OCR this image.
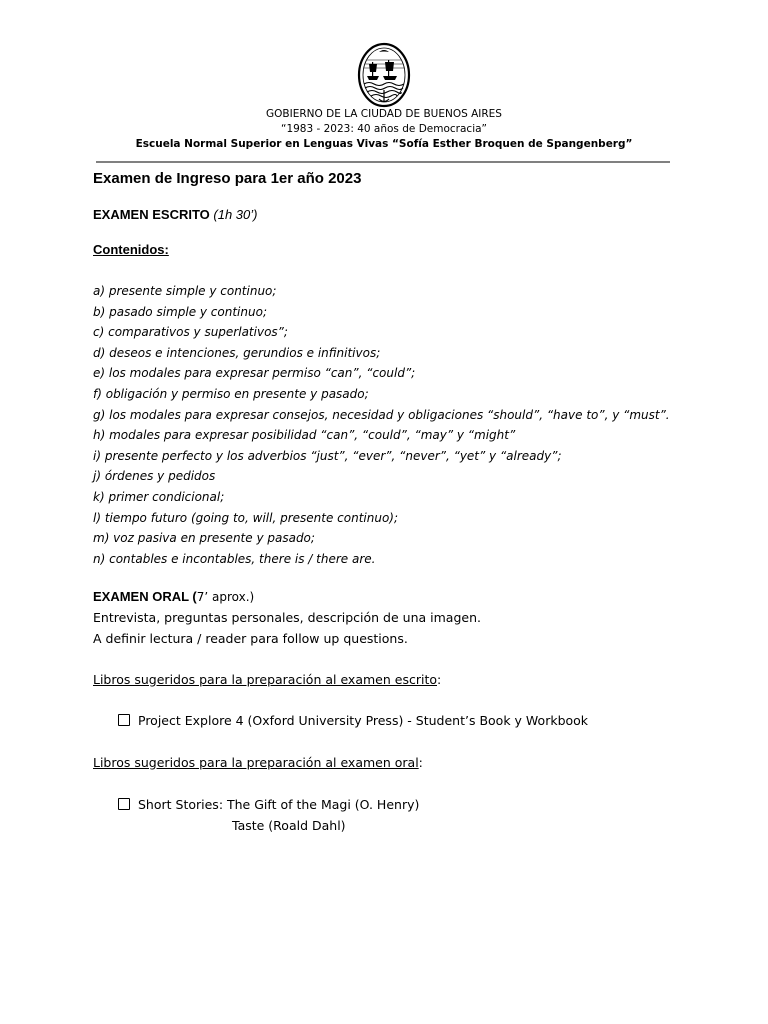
GOBIERNO DE LA CIUDAD DE BUENOS AIRES
“1983 - 2023: 40 años de Democracia”
Escuela Normal Superior en Lenguas Vivas “Sofía Esther Broquen de Spangenberg”
Examen de Ingreso para 1er año 2023
EXAMEN ESCRITO (1h 30’)
Contenidos:
a) presente simple y continuo;
b) pasado simple y continuo;
c) comparativos y superlativos”;
d) deseos e intenciones, gerundios e infinitivos;
e) los modales para expresar permiso “can”, “could”;
f) obligación y permiso en presente y pasado;
g) los modales para expresar consejos, necesidad y obligaciones “should”, “have to”, y “must”.
h) modales para expresar posibilidad “can”, “could”, “may” y “might”
i) presente perfecto y los adverbios “just”, “ever”, “never”, “yet” y “already”;
j) órdenes y pedidos
k) primer condicional;
l) tiempo futuro (going to, will, presente continuo);
m) voz pasiva en presente y pasado;
n) contables e incontables, there is / there are.
EXAMEN ORAL (7’ aprox.)
Entrevista, preguntas personales, descripción de una imagen.
A definir lectura / reader para follow up questions.
Libros sugeridos para la preparación al examen escrito:
Project Explore 4 (Oxford University Press) - Student’s Book y Workbook
Libros sugeridos para la preparación al examen oral:
Short Stories: The Gift of the Magi (O. Henry)
Taste (Roald Dahl)
